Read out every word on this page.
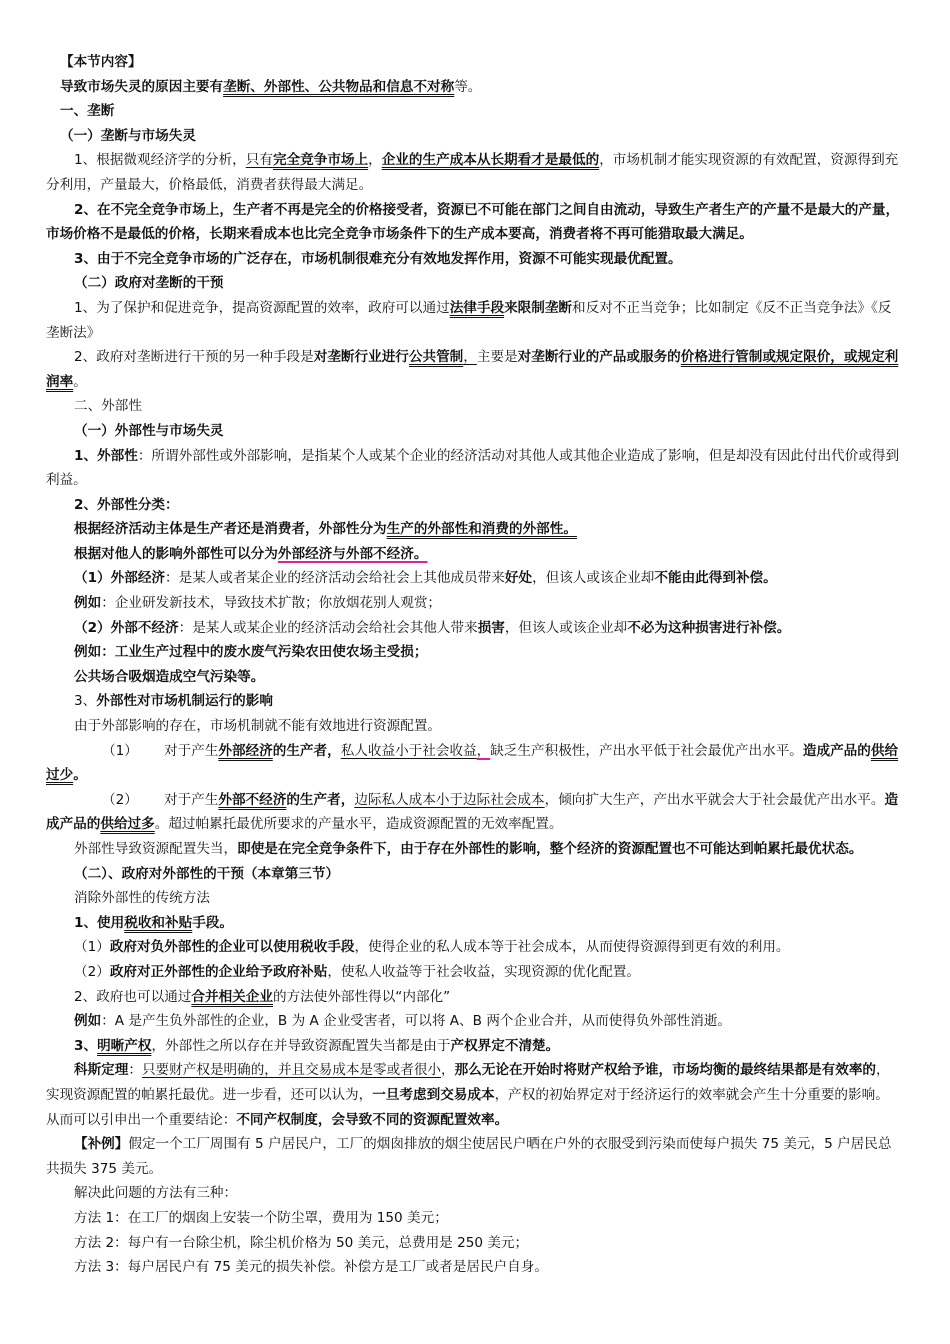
【本节内容】

导致市场失灵的原因主要有垄断、外部性、公共物品和信息不对称等。

一、垄断

（一）垄断与市场失灵

1、根据微观经济学的分析，只有完全竞争市场上，企业的生产成本从长期看才是最低的，市场机制才能实现资源的有效配置，资源得到充分利用，产量最大，价格最低，消费者获得最大满足。

2、在不完全竞争市场上，生产者不再是完全的价格接受者，资源已不可能在部门之间自由流动，导致生产者生产的产量不是最大的产量，市场价格不是最低的价格，长期来看成本也比完全竞争市场条件下的生产成本要高，消费者将不再可能猎取最大满足。

3、由于不完全竞争市场的广泛存在，市场机制很难充分有效地发挥作用，资源不可能实现最优配置。

（二）政府对垄断的干预

1、为了保护和促进竞争，提高资源配置的效率，政府可以通过法律手段来限制垄断和反对不正当竞争；比如制定《反不正当竞争法》《反垄断法》

2、政府对垄断进行干预的另一种手段是对垄断行业进行公共管制，主要是对垄断行业的产品或服务的价格进行管制或规定限价，或规定利润率。

二、外部性

（一）外部性与市场失灵

1、外部性：所谓外部性或外部影响，是指某个人或某个企业的经济活动对其他人或其他企业造成了影响，但是却没有因此付出代价或得到利益。

2、外部性分类：

根据经济活动主体是生产者还是消费者，外部性分为生产的外部性和消费的外部性。

根据对他人的影响外部性可以分为外部经济与外部不经济。

（1）外部经济：是某人或者某企业的经济活动会给社会上其他成员带来好处，但该人或该企业却不能由此得到补偿。

例如：企业研发新技术，导致技术扩散；你放烟花别人观赏；

（2）外部不经济：是某人或某企业的经济活动会给社会其他人带来损害，但该人或该企业却不必为这种损害进行补偿。

例如：工业生产过程中的废水废气污染农田使农场主受损；

公共场合吸烟造成空气污染等。

3、外部性对市场机制运行的影响

由于外部影响的存在，市场机制就不能有效地进行资源配置。

（1） 对于产生外部经济的生产者，私人收益小于社会收益，缺乏生产积极性，产出水平低于社会最优产出水平。造成产品的供给过少。

（2） 对于产生外部不经济的生产者，边际私人成本小于边际社会成本，倾向扩大生产，产出水平就会大于社会最优产出水平。造成产品的供给过多。超过帕累托最优所要求的产量水平，造成资源配置的无效率配置。

外部性导致资源配置失当，即使是在完全竞争条件下，由于存在外部性的影响，整个经济的资源配置也不可能达到帕累托最优状态。

（二）、政府对外部性的干预（本章第三节）

消除外部性的传统方法

1、使用税收和补贴手段。

（1）政府对负外部性的企业可以使用税收手段，使得企业的私人成本等于社会成本，从而使得资源得到更有效的利用。

（2）政府对正外部性的企业给予政府补贴，使私人收益等于社会收益，实现资源的优化配置。

2、政府也可以通过合并相关企业的方法使外部性得以“内部化”

例如：A 是产生负外部性的企业，B 为 A 企业受害者，可以将 A、B 两个企业合并，从而使得负外部性消逝。

3、明晰产权，外部性之所以存在并导致资源配置失当都是由于产权界定不清楚。

科斯定理：只要财产权是明确的，并且交易成本是零或者很小，那么无论在开始时将财产权给予谁，市场均衡的最终结果都是有效率的，实现资源配置的帕累托最优。进一步看，还可以认为，一旦考虑到交易成本，产权的初始界定对于经济运行的效率就会产生十分重要的影响。从而可以引申出一个重要结论：不同产权制度，会导致不同的资源配置效率。

【补例】假定一个工厂周围有 5 户居民户，工厂的烟囱排放的烟尘使居民户晒在户外的衣服受到污染而使每户损失 75 美元，5 户居民总共损失 375 美元。

解决此问题的方法有三种：

方法 1：在工厂的烟囱上安装一个防尘罩，费用为 150 美元；

方法 2：每户有一台除尘机，除尘机价格为 50 美元，总费用是 250 美元；

方法 3：每户居民户有 75 美元的损失补偿。补偿方是工厂或者是居民户自身。
